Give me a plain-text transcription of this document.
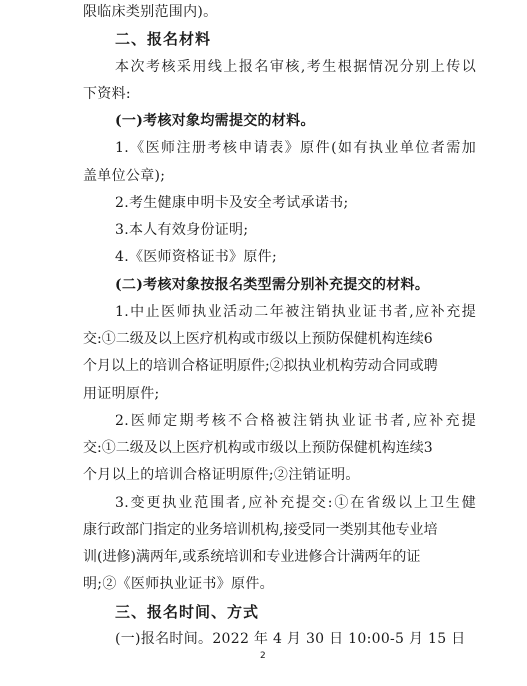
限临床类别范围内)。
二、报名材料
本次考核采用线上报名审核,考生根据情况分别上传以
下资料:
(一)考核对象均需提交的材料。
1.《医师注册考核申请表》原件(如有执业单位者需加
盖单位公章);
2.考生健康申明卡及安全考试承诺书;
3.本人有效身份证明;
4.《医师资格证书》原件;
(二)考核对象按报名类型需分别补充提交的材料。
1.中止医师执业活动二年被注销执业证书者,应补充提
交:①二级及以上医疗机构或市级以上预防保健机构连续6
个月以上的培训合格证明原件;②拟执业机构劳动合同或聘
用证明原件;
2.医师定期考核不合格被注销执业证书者,应补充提
交:①二级及以上医疗机构或市级以上预防保健机构连续3
个月以上的培训合格证明原件;②注销证明。
3.变更执业范围者,应补充提交:①在省级以上卫生健
康行政部门指定的业务培训机构,接受同一类别其他专业培
训(进修)满两年,或系统培训和专业进修合计满两年的证
明;②《医师执业证书》原件。
三、报名时间、方式
(一)报名时间。2022 年 4 月 30 日 10:00-5 月 15 日
2
